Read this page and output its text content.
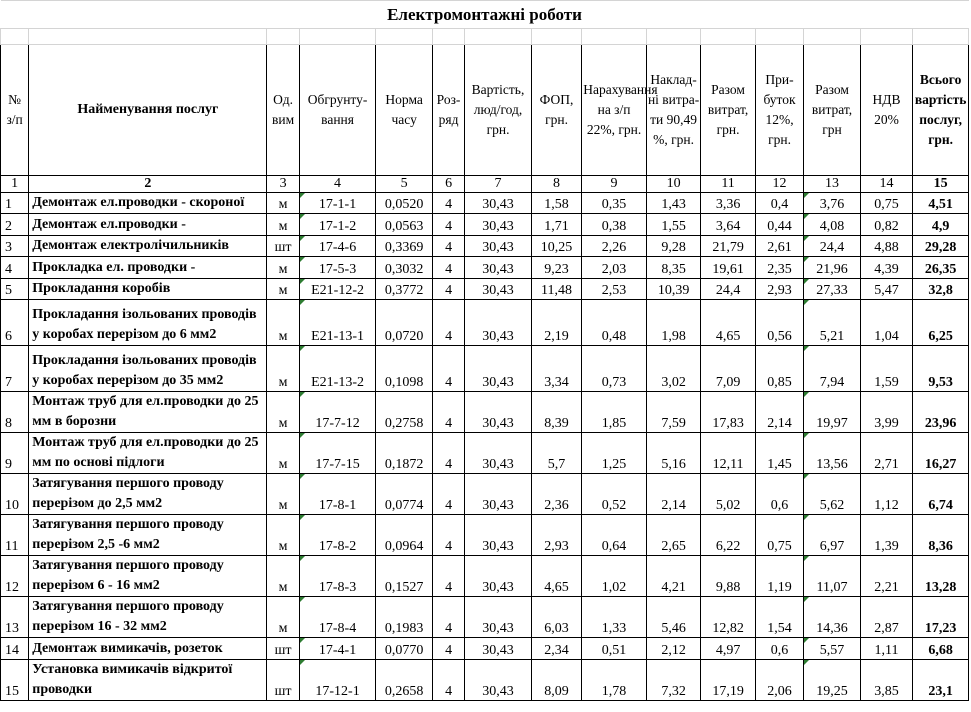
Електромонтажні роботи														

№ з/п	Найменування послуг	Од. вим	Обгрунту-вання	Норма часу	Роз-ряд	Вартість, люд/год, грн.	ФОП, грн.	Нарахування на з/п 22%, грн.	Наклад-ні витра-ти 90,49 %, грн.	Разом витрат, грн.	При-буток 12%, грн.	Разом витрат, грн	НДВ 20%	Всього вартість послуг, грн.
1	2	3	4	5	6	7	8	9	10	11	12	13	14	15
1	Демонтаж ел.проводки - скороної	м	17-1-1	0,0520	4	30,43	1,58	0,35	1,43	3,36	0,4	3,76	0,75	4,51
2	Демонтаж ел.проводки -	м	17-1-2	0,0563	4	30,43	1,71	0,38	1,55	3,64	0,44	4,08	0,82	4,9
3	Демонтаж електролічильників	шт	17-4-6	0,3369	4	30,43	10,25	2,26	9,28	21,79	2,61	24,4	4,88	29,28
4	Прокладка ел. проводки -	м	17-5-3	0,3032	4	30,43	9,23	2,03	8,35	19,61	2,35	21,96	4,39	26,35
5	Прокладання коробів	м	Е21-12-2	0,3772	4	30,43	11,48	2,53	10,39	24,4	2,93	27,33	5,47	32,8
6	Прокладання ізольованих проводів у коробах перерізом до 6 мм2	м	Е21-13-1	0,0720	4	30,43	2,19	0,48	1,98	4,65	0,56	5,21	1,04	6,25
7	Прокладання ізольованих проводів у коробах перерізом до 35 мм2	м	Е21-13-2	0,1098	4	30,43	3,34	0,73	3,02	7,09	0,85	7,94	1,59	9,53
8	Монтаж труб для ел.проводки до 25 мм в борозни	м	17-7-12	0,2758	4	30,43	8,39	1,85	7,59	17,83	2,14	19,97	3,99	23,96
9	Монтаж труб для ел.проводки до 25 мм по основі підлоги	м	17-7-15	0,1872	4	30,43	5,7	1,25	5,16	12,11	1,45	13,56	2,71	16,27
10	Затягування першого проводу перерізом до 2,5 мм2	м	17-8-1	0,0774	4	30,43	2,36	0,52	2,14	5,02	0,6	5,62	1,12	6,74
11	Затягування першого проводу перерізом 2,5 -6 мм2	м	17-8-2	0,0964	4	30,43	2,93	0,64	2,65	6,22	0,75	6,97	1,39	8,36
12	Затягування першого проводу перерізом 6 - 16 мм2	м	17-8-3	0,1527	4	30,43	4,65	1,02	4,21	9,88	1,19	11,07	2,21	13,28
13	Затягування першого проводу перерізом 16 - 32 мм2	м	17-8-4	0,1983	4	30,43	6,03	1,33	5,46	12,82	1,54	14,36	2,87	17,23
14	Демонтаж вимикачів, розеток	шт	17-4-1	0,0770	4	30,43	2,34	0,51	2,12	4,97	0,6	5,57	1,11	6,68
15	Установка вимикачів відкритої проводки	шт	17-12-1	0,2658	4	30,43	8,09	1,78	7,32	17,19	2,06	19,25	3,85	23,1
